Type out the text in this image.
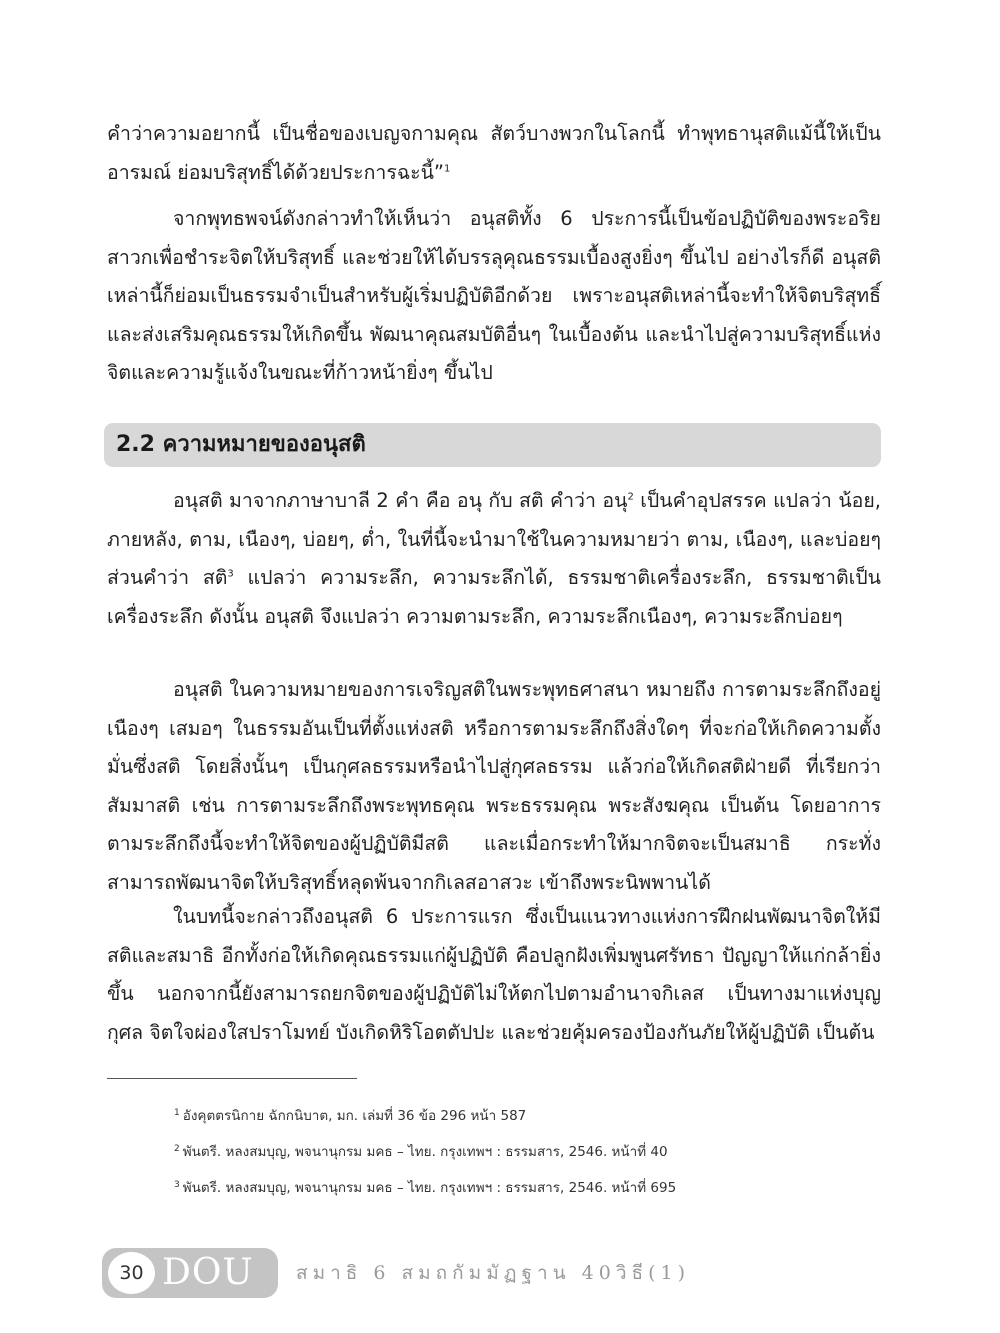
คำว่าความอยากนี้ เป็นชื่อของเบญจกามคุณ สัตว์บางพวกในโลกนี้ ทำพุทธานุสติแม้นี้ให้เป็นอารมณ์ ย่อมบริสุทธิ์ได้ด้วยประการฉะนี้”$^1$

จากพุทธพจน์ดังกล่าวทำให้เห็นว่า อนุสติทั้ง 6 ประการนี้เป็นข้อปฏิบัติของพระอริยสาวกเพื่อชำระจิตให้บริสุทธิ์ และช่วยให้ได้บรรลุคุณธรรมเบื้องสูงยิ่งๆ ขึ้นไป อย่างไรก็ดี อนุสติเหล่านี้ก็ย่อมเป็นธรรมจำเป็นสำหรับผู้เริ่มปฏิบัติอีกด้วย เพราะอนุสติเหล่านี้จะทำให้จิตบริสุทธิ์และส่งเสริมคุณธรรมให้เกิดขึ้น พัฒนาคุณสมบัติอื่นๆ ในเบื้องต้น และนำไปสู่ความบริสุทธิ์แห่งจิตและความรู้แจ้งในขณะที่ก้าวหน้ายิ่งๆ ขึ้นไป

2.2 ความหมายของอนุสติ

อนุสติ มาจากภาษาบาลี 2 คำ คือ อนุ กับ สติ คำว่า อนุ$^2$ เป็นคำอุปสรรค แปลว่า น้อย, ภายหลัง, ตาม, เนืองๆ, บ่อยๆ, ต่ำ, ในที่นี้จะนำมาใช้ในความหมายว่า ตาม, เนืองๆ, และบ่อยๆ ส่วนคำว่า สติ$^3$ แปลว่า ความระลึก, ความระลึกได้, ธรรมชาติเครื่องระลึก, ธรรมชาติเป็นเครื่องระลึก ดังนั้น อนุสติ จึงแปลว่า ความตามระลึก, ความระลึกเนืองๆ, ความระลึกบ่อยๆ

อนุสติ ในความหมายของการเจริญสติในพระพุทธศาสนา หมายถึง การตามระลึกถึงอยู่เนืองๆ เสมอๆ ในธรรมอันเป็นที่ตั้งแห่งสติ หรือการตามระลึกถึงสิ่งใดๆ ที่จะก่อให้เกิดความตั้งมั่นซึ่งสติ โดยสิ่งนั้นๆ เป็นกุศลธรรมหรือนำไปสู่กุศลธรรม แล้วก่อให้เกิดสติฝ่ายดี ที่เรียกว่า สัมมาสติ เช่น การตามระลึกถึงพระพุทธคุณ พระธรรมคุณ พระสังฆคุณ เป็นต้น โดยอาการตามระลึกถึงนี้จะทำให้จิตของผู้ปฏิบัติมีสติ และเมื่อกระทำให้มากจิตจะเป็นสมาธิ กระทั่งสามารถพัฒนาจิตให้บริสุทธิ์หลุดพ้นจากกิเลสอาสวะ เข้าถึงพระนิพพานได้

ในบทนี้จะกล่าวถึงอนุสติ 6 ประการแรก ซึ่งเป็นแนวทางแห่งการฝึกฝนพัฒนาจิตให้มีสติและสมาธิ อีกทั้งก่อให้เกิดคุณธรรมแก่ผู้ปฏิบัติ คือปลูกฝังเพิ่มพูนศรัทธา ปัญญาให้แก่กล้ายิ่งขึ้น นอกจากนี้ยังสามารถยกจิตของผู้ปฏิบัติไม่ให้ตกไปตามอำนาจกิเลส เป็นทางมาแห่งบุญกุศล จิตใจผ่องใสปราโมทย์ บังเกิดหิริโอตตัปปะ และช่วยคุ้มครองป้องกันภัยให้ผู้ปฏิบัติ เป็นต้น

$^1$ อังคุตตรนิกาย ฉักกนิบาต, มก. เล่มที่ 36 ข้อ 296 หน้า 587
$^2$ พันตรี. หลงสมบุญ, พจนานุกรม มคธ – ไทย. กรุงเทพฯ : ธรรมสาร, 2546. หน้าที่ 40
$^3$ พันตรี. หลงสมบุญ, พจนานุกรม มคธ – ไทย. กรุงเทพฯ : ธรรมสาร, 2546. หน้าที่ 695
30 DOU สมาธิ 6 สมถกัมมัฏฐาน 40วิธี(1)
